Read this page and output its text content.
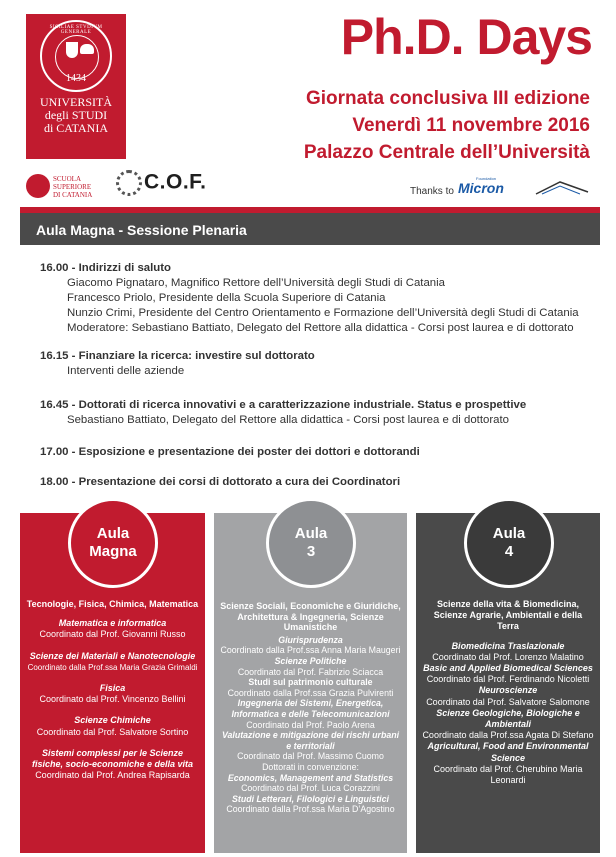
SICILIAE STVDIVM GENERALE
1434
UNIVERSITÀ
degli STUDI
di CATANIA
Ph.D. Days
Giornata conclusiva III edizione
Venerdì 11 novembre 2016
Palazzo Centrale dell’Università
SCUOLA
SUPERIORE
DI CATANIA
C.O.F.	Thanks to
Foundation
Micron
Aula Magna - Sessione Plenaria
16.00 - Indirizzi di saluto
Giacomo Pignataro, Magnifico Rettore dell’Università degli Studi di Catania
Francesco Priolo, Presidente della Scuola Superiore di Catania
Nunzio Crimi, Presidente del Centro Orientamento e Formazione dell’Università degli Studi di Catania
Moderatore: Sebastiano Battiato, Delegato del Rettore alla didattica - Corsi post laurea e di dottorato
16.15 - Finanziare la ricerca: investire sul dottorato
Interventi delle aziende
16.45 - Dottorati di ricerca innovativi e a caratterizzazione industriale. Status e prospettive
Sebastiano Battiato, Delegato del Rettore alla didattica - Corsi post laurea e di dottorato
17.00 - Esposizione e presentazione dei poster dei dottori e dottorandi
18.00 - Presentazione dei corsi di dottorato a cura dei Coordinatori
Aula
Magna
Tecnologie, Fisica, Chimica, Matematica
Matematica e informatica
Coordinato dal Prof. Giovanni Russo
Scienze dei Materiali e Nanotecnologie
Coordinato dalla Prof.ssa Maria Grazia Grimaldi
Fisica
Coordinato dal Prof. Vincenzo Bellini
Scienze Chimiche
Coordinato dal Prof. Salvatore Sortino
Sistemi complessi per le Scienze fisiche, socio-economiche e della vita
Coordinato dal Prof. Andrea Rapisarda
Aula
3
Scienze Sociali, Economiche e Giuridiche, Architettura & Ingegneria, Scienze Umanistiche
Giurisprudenza
Coordinato dalla Prof.ssa Anna Maria Maugeri
Scienze Politiche
Coordinato dal Prof. Fabrizio Sciacca
Studi sul patrimonio culturale
Coordinato dalla Prof.ssa Grazia Pulvirenti
Ingegneria dei Sistemi, Energetica, Informatica e delle Telecomunicazioni
Coordinato dal Prof. Paolo Arena
Valutazione e mitigazione dei rischi urbani e territoriali
Coordinato dal Prof. Massimo Cuomo
Dottorati in convenzione:
Economics, Management and Statistics
Coordinato dal Prof. Luca Corazzini
Studi Letterari, Filologici e Linguistici
Coordinato dalla Prof.ssa Maria D’Agostino
Aula
4
Scienze della vita & Biomedicina, Scienze Agrarie, Ambientali e della Terra
Biomedicina Traslazionale
Coordinato dal Prof. Lorenzo Malatino
Basic and Applied Biomedical Sciences
Coordinato dal Prof. Ferdinando Nicoletti
Neuroscienze
Coordinato dal Prof. Salvatore Salomone
Scienze Geologiche, Biologiche e Ambientali
Coordinato dalla Prof.ssa Agata Di Stefano
Agricultural, Food and Environmental Science
Coordinato dal Prof. Cherubino Maria Leonardi
